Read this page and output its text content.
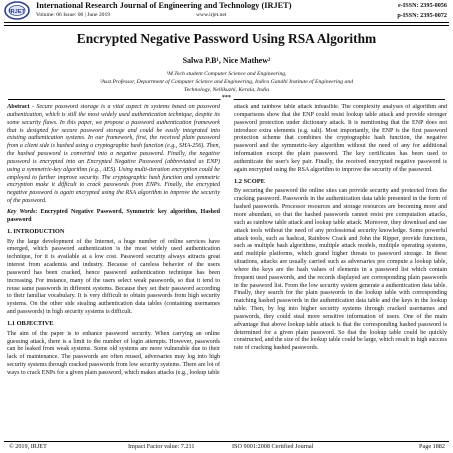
IRJET
International Research Journal of Engineering and Technology (IRJET)
Volume: 06 Issue: 06 | June 2019	www.irjet.net
e-ISSN: 2395-0056
p-ISSN: 2395-0072
Encrypted Negative Password Using RSA Algorithm
Salwa P.B¹, Nice Mathew²
¹M.Tech student Computer Science and Engineering,
²Asst.Professor, Department of Computer Science and Engineering, Indira Gandhi Institute of Engineering and
Technology, Nellikuzhi, Kerala, India
***

Abstract - Secure password storage is a vital aspect in systems based on password authentication, which is still the most widely used authentication technique, despite its some security flaws. In this paper, we propose a password authentication framework that is designed for secure password storage and could be easily integrated into existing authentication systems. In our framework, first, the received plain password from a client side is hashed using a cryptographic hash function (e.g., SHA-256). Then, the hashed password is converted into a negative password. Finally, the negative password is encrypted into an Encrypted Negative Password (abbreviated as ENP) using a symmetric-key algorithm (e.g., AES). Using multi-iteration encryption could be employed to further improve security. The cryptographic hash function and symmetric encryption make it difficult to crack passwords from ENPs. Finally, the encrypted negative password is again encrypted using the RSA algorithm to improve the security of the password.

Key Words: Encrypted Negative Password, Symmetric key algorithm, Hashed password

1. INTRODUCTION

By the large development of the Internet, a huge number of online services have emerged, which password authentication is the most widely used authentication technique, for it is available at a low cost. Password security always attracts great interest from academia and industry. Because of careless behavior of the users password has been cracked, hence password authentication technique has been increasing. For instance, many of the users select weak passwords, so that it tend to reuse same passwords in different systems. Because they set their password according to their familiar vocabulary. It is very difficult to obtain passwords from high security systems. On the other side stealing authentication data tables (containing usernames and passwords) in high security systems is difficult.

1.1 OBJECTIVE

The aim of the paper is to enhance password security. When carrying an online guessing attack, there is a limit to the number of login attempts. However, passwords can be leaked from weak systems. Some old systems are more vulnerable due to their lack of maintenance. The passwords are often reused, adversaries may log into high security systems through cracked passwords from low security systems. There are lot of ways to crack ENPs for a given plain password, which makes attacks (e.g., lookup table

attack and rainbow table attack infeasible. The complexity analyses of algorithm and comparisons show that the ENP could resist lookup table attack and provide stronger password protection under dictionary attack. It is mentioning that the ENP does not introduce extra elements (e.g. salt). Most importantly, the ENP is the first password protection scheme that combines the cryptographic hash function, the negative password and the symmetric-key algorithm without the need of any for additional information except the plain password. The key certificates has been used to authenticate the user's key pair. Finally, the received encrypted negative password is again encrypted using the RSA algorithm to improve the security of the password.

1.2 SCOPE

By securing the password the online sites can provide security and protected from the cracking password. Passwords in the authentication data table presented in the form of hashed passwords. Processor resources and storage resources are becoming more and more abundant, so that the hashed passwords cannot resist pre computation attacks, such as rainbow table attack and lookup table attack. Moreover, they download and use attack tools without the need of any professional security knowledge. Some powerful attack tools, such as hashcat, Rainbow Crack and John the Ripper, provide functions, such as multiple hash algorithms, multiple attack models, multiple operating systems, and multiple platforms, which grand higher threats to password storage. In these situations, attacks are usually carried such as adversaries pre compute a lookup table, where the keys are the hash values of elements in a password list which contain frequent used passwords, and the records displayed are corresponding plain passwords in the password list. From the low security system generate a authentication data table. Finally, they search for the plain passwords in the lookup table with corresponding matching hashed passwords in the authentication data table and the keys in the lookup table. Then, by log into higher security systems through cracked usernames and passwords, they could steal more sensitive information of users. One of the main advantage that above lookup table attack is that the corresponding hashed password is determined for a given plain password. So that the lookup table could be quickly constructed, and the size of the lookup table could be large, which result in high success rate of cracking hashed passwords.

© 2019, IRJET	Impact Factor value: 7.211	ISO 9001:2008 Certified Journal	Page 1882
